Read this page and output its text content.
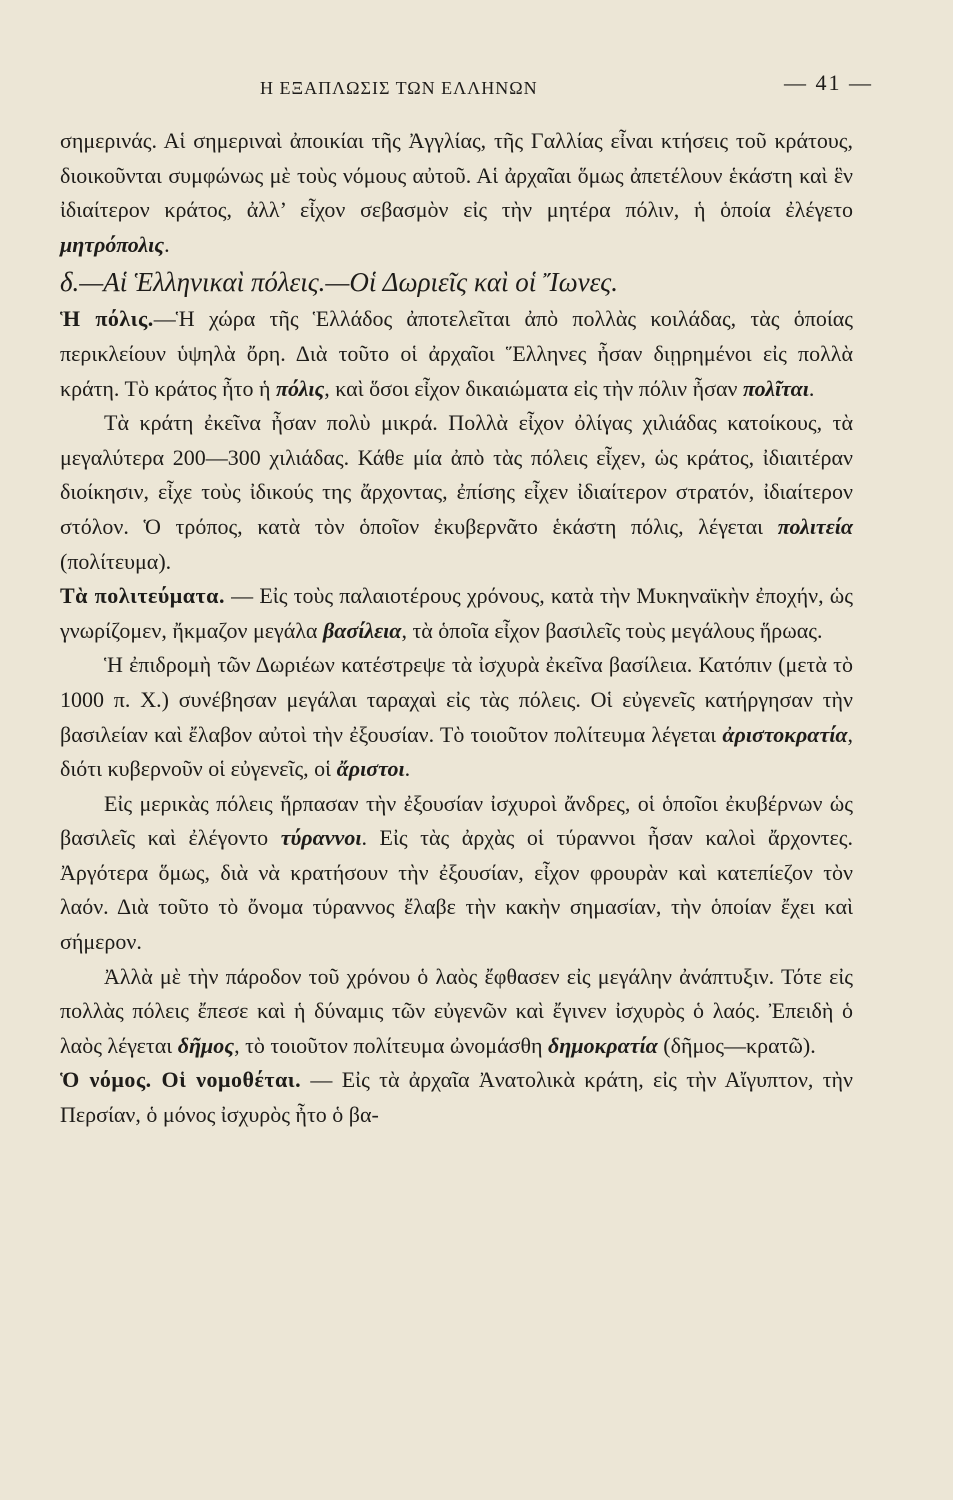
Η ΕΞΑΠΛΩΣΙΣ ΤΩΝ ΕΛΛΗΝΩΝ	— 41 —

σημερινάς. Αἱ σημεριναὶ ἀποικίαι τῆς Ἀγγλίας, τῆς Γαλλίας εἶναι κτήσεις τοῦ κράτους, διοικοῦνται συμφώνως μὲ τοὺς νόμους αὐτοῦ. Αἱ ἀρχαῖαι ὅμως ἀπετέλουν ἑκάστη καὶ ἓν ἰδιαίτερον κράτος, ἀλλ’ εἶχον σεβασμὸν εἰς τὴν μητέρα πόλιν, ἡ ὁποία ἐλέγετο μητρόπολις.

δ.—Αἱ Ἑλληνικαὶ πόλεις.—Οἱ Δωριεῖς καὶ οἱ Ἴωνες.

Ἡ πόλις.—Ἡ χώρα τῆς Ἑλλάδος ἀποτελεῖται ἀπὸ πολλὰς κοιλάδας, τὰς ὁποίας περικλείουν ὑψηλὰ ὄρη. Διὰ τοῦτο οἱ ἀρχαῖοι Ἕλληνες ἦσαν διῃρημένοι εἰς πολλὰ κράτη. Τὸ κράτος ἦτο ἡ πόλις, καὶ ὅσοι εἶχον δικαιώματα εἰς τὴν πόλιν ἦσαν πολῖται.

Τὰ κράτη ἐκεῖνα ἦσαν πολὺ μικρά. Πολλὰ εἶχον ὀλίγας χιλιάδας κατοίκους, τὰ μεγαλύτερα 200—300 χιλιάδας. Κάθε μία ἀπὸ τὰς πόλεις εἶχεν, ὡς κράτος, ἰδιαιτέραν διοίκησιν, εἶχε τοὺς ἰδικούς της ἄρχοντας, ἐπίσης εἶχεν ἰδιαίτερον στρατόν, ἰδιαίτερον στόλον. Ὁ τρόπος, κατὰ τὸν ὁποῖον ἐκυβερνᾶτο ἑκάστη πόλις, λέγεται πολιτεία (πολίτευμα).

Τὰ πολιτεύματα. — Εἰς τοὺς παλαιοτέρους χρόνους, κατὰ τὴν Μυκηναϊκὴν ἐποχήν, ὡς γνωρίζομεν, ἤκμαζον μεγάλα βασίλεια, τὰ ὁποῖα εἶχον βασιλεῖς τοὺς μεγάλους ἥρωας.

Ἡ ἐπιδρομὴ τῶν Δωριέων κατέστρεψε τὰ ἰσχυρὰ ἐκεῖνα βασίλεια. Κατόπιν (μετὰ τὸ 1000 π. Χ.) συνέβησαν μεγάλαι ταραχαὶ εἰς τὰς πόλεις. Οἱ εὐγενεῖς κατήργησαν τὴν βασιλείαν καὶ ἔλαβον αὐτοὶ τὴν ἐξουσίαν. Τὸ τοιοῦτον πολίτευμα λέγεται ἀριστοκρατία, διότι κυβερνοῦν οἱ εὐγενεῖς, οἱ ἄριστοι.

Εἰς μερικὰς πόλεις ἥρπασαν τὴν ἐξουσίαν ἰσχυροὶ ἄνδρες, οἱ ὁποῖοι ἐκυβέρνων ὡς βασιλεῖς καὶ ἐλέγοντο τύραννοι. Εἰς τὰς ἀρχὰς οἱ τύραννοι ἦσαν καλοὶ ἄρχοντες. Ἀργότερα ὅμως, διὰ νὰ κρατήσουν τὴν ἐξουσίαν, εἶχον φρουρὰν καὶ κατεπίεζον τὸν λαόν. Διὰ τοῦτο τὸ ὄνομα τύραννος ἔλαβε τὴν κακὴν σημασίαν, τὴν ὁποίαν ἔχει καὶ σήμερον.

Ἀλλὰ μὲ τὴν πάροδον τοῦ χρόνου ὁ λαὸς ἔφθασεν εἰς μεγάλην ἀνάπτυξιν. Τότε εἰς πολλὰς πόλεις ἔπεσε καὶ ἡ δύναμις τῶν εὐγενῶν καὶ ἔγινεν ἰσχυρὸς ὁ λαός. Ἐπειδὴ ὁ λαὸς λέγεται δῆμος, τὸ τοιοῦτον πολίτευμα ὠνομάσθη δημοκρατία (δῆμος—κρατῶ).

Ὁ νόμος. Οἱ νομοθέται. — Εἰς τὰ ἀρχαῖα Ἀνατολικὰ κράτη, εἰς τὴν Αἴγυπτον, τὴν Περσίαν, ὁ μόνος ἰσχυρὸς ἦτο ὁ βα-
